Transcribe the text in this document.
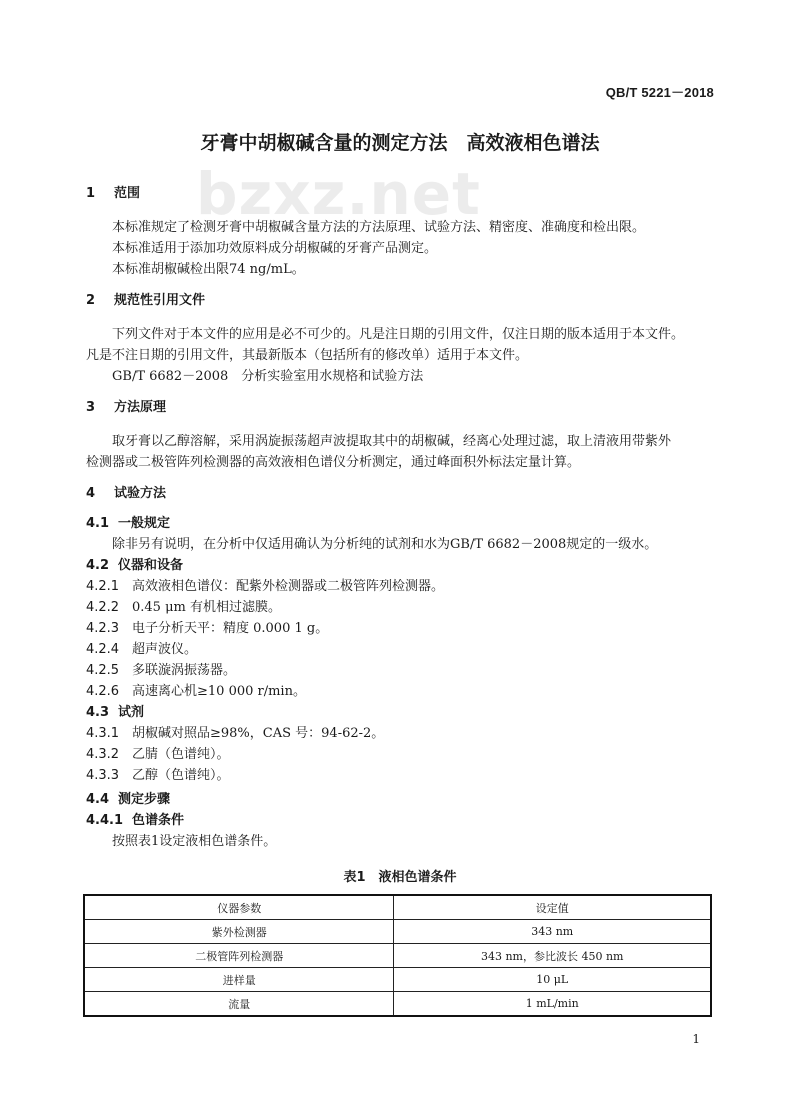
QB/T 5221－2018
bzxz.net
牙膏中胡椒碱含量的测定方法　高效液相色谱法
1 范围
本标准规定了检测牙膏中胡椒碱含量方法的方法原理、试验方法、精密度、准确度和检出限。
本标准适用于添加功效原料成分胡椒碱的牙膏产品测定。
本标准胡椒碱检出限74 ng/mL。
2 规范性引用文件
下列文件对于本文件的应用是必不可少的。凡是注日期的引用文件，仅注日期的版本适用于本文件。
凡是不注日期的引用文件，其最新版本（包括所有的修改单）适用于本文件。
GB/T 6682－2008　分析实验室用水规格和试验方法
3 方法原理
取牙膏以乙醇溶解，采用涡旋振荡超声波提取其中的胡椒碱，经离心处理过滤，取上清液用带紫外
检测器或二极管阵列检测器的高效液相色谱仪分析测定，通过峰面积外标法定量计算。
4 试验方法
4.1 一般规定
除非另有说明，在分析中仅适用确认为分析纯的试剂和水为GB/T 6682－2008规定的一级水。
4.2 仪器和设备
4.2.1 高效液相色谱仪：配紫外检测器或二极管阵列检测器。
4.2.2 0.45 μm 有机相过滤膜。
4.2.3 电子分析天平：精度 0.000 1 g。
4.2.4 超声波仪。
4.2.5 多联漩涡振荡器。
4.2.6 高速离心机≥10 000 r/min。
4.3 试剂
4.3.1 胡椒碱对照品≥98%，CAS 号：94-62-2。
4.3.2 乙腈（色谱纯）。
4.3.3 乙醇（色谱纯）。
4.4 测定步骤
4.4.1 色谱条件
按照表1设定液相色谱条件。
表1　液相色谱条件
仪器参数	设定值
紫外检测器	343 nm
二极管阵列检测器	343 nm，参比波长 450 nm
进样量	10 μL
流量	1 mL/min
1
